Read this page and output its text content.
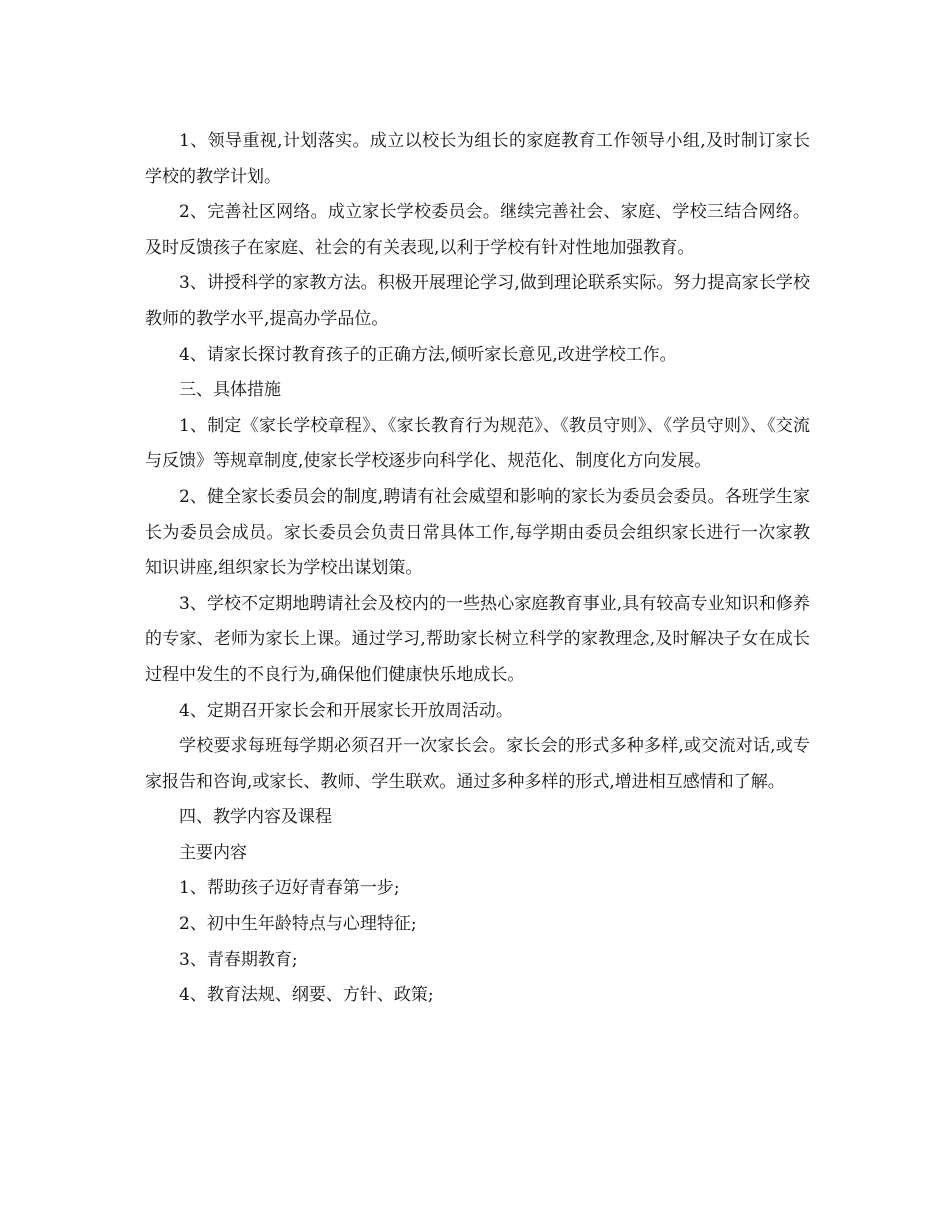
1、领导重视,计划落实。成立以校长为组长的家庭教育工作领导小组,及时制订家长学校的教学计划。

2、完善社区网络。成立家长学校委员会。继续完善社会、家庭、学校三结合网络。及时反馈孩子在家庭、社会的有关表现,以利于学校有针对性地加强教育。

3、讲授科学的家教方法。积极开展理论学习,做到理论联系实际。努力提高家长学校教师的教学水平,提高办学品位。

4、请家长探讨教育孩子的正确方法,倾听家长意见,改进学校工作。

三、具体措施

1、制定《家长学校章程》、《家长教育行为规范》、《教员守则》、《学员守则》、《交流与反馈》等规章制度,使家长学校逐步向科学化、规范化、制度化方向发展。

2、健全家长委员会的制度,聘请有社会威望和影响的家长为委员会委员。各班学生家长为委员会成员。家长委员会负责日常具体工作,每学期由委员会组织家长进行一次家教知识讲座,组织家长为学校出谋划策。

3、学校不定期地聘请社会及校内的一些热心家庭教育事业,具有较高专业知识和修养的专家、老师为家长上课。通过学习,帮助家长树立科学的家教理念,及时解决子女在成长过程中发生的不良行为,确保他们健康快乐地成长。

4、定期召开家长会和开展家长开放周活动。

学校要求每班每学期必须召开一次家长会。家长会的形式多种多样,或交流对话,或专家报告和咨询,或家长、教师、学生联欢。通过多种多样的形式,增进相互感情和了解。

四、教学内容及课程

主要内容

1、帮助孩子迈好青春第一步;

2、初中生年龄特点与心理特征;

3、青春期教育;

4、教育法规、纲要、方针、政策;
